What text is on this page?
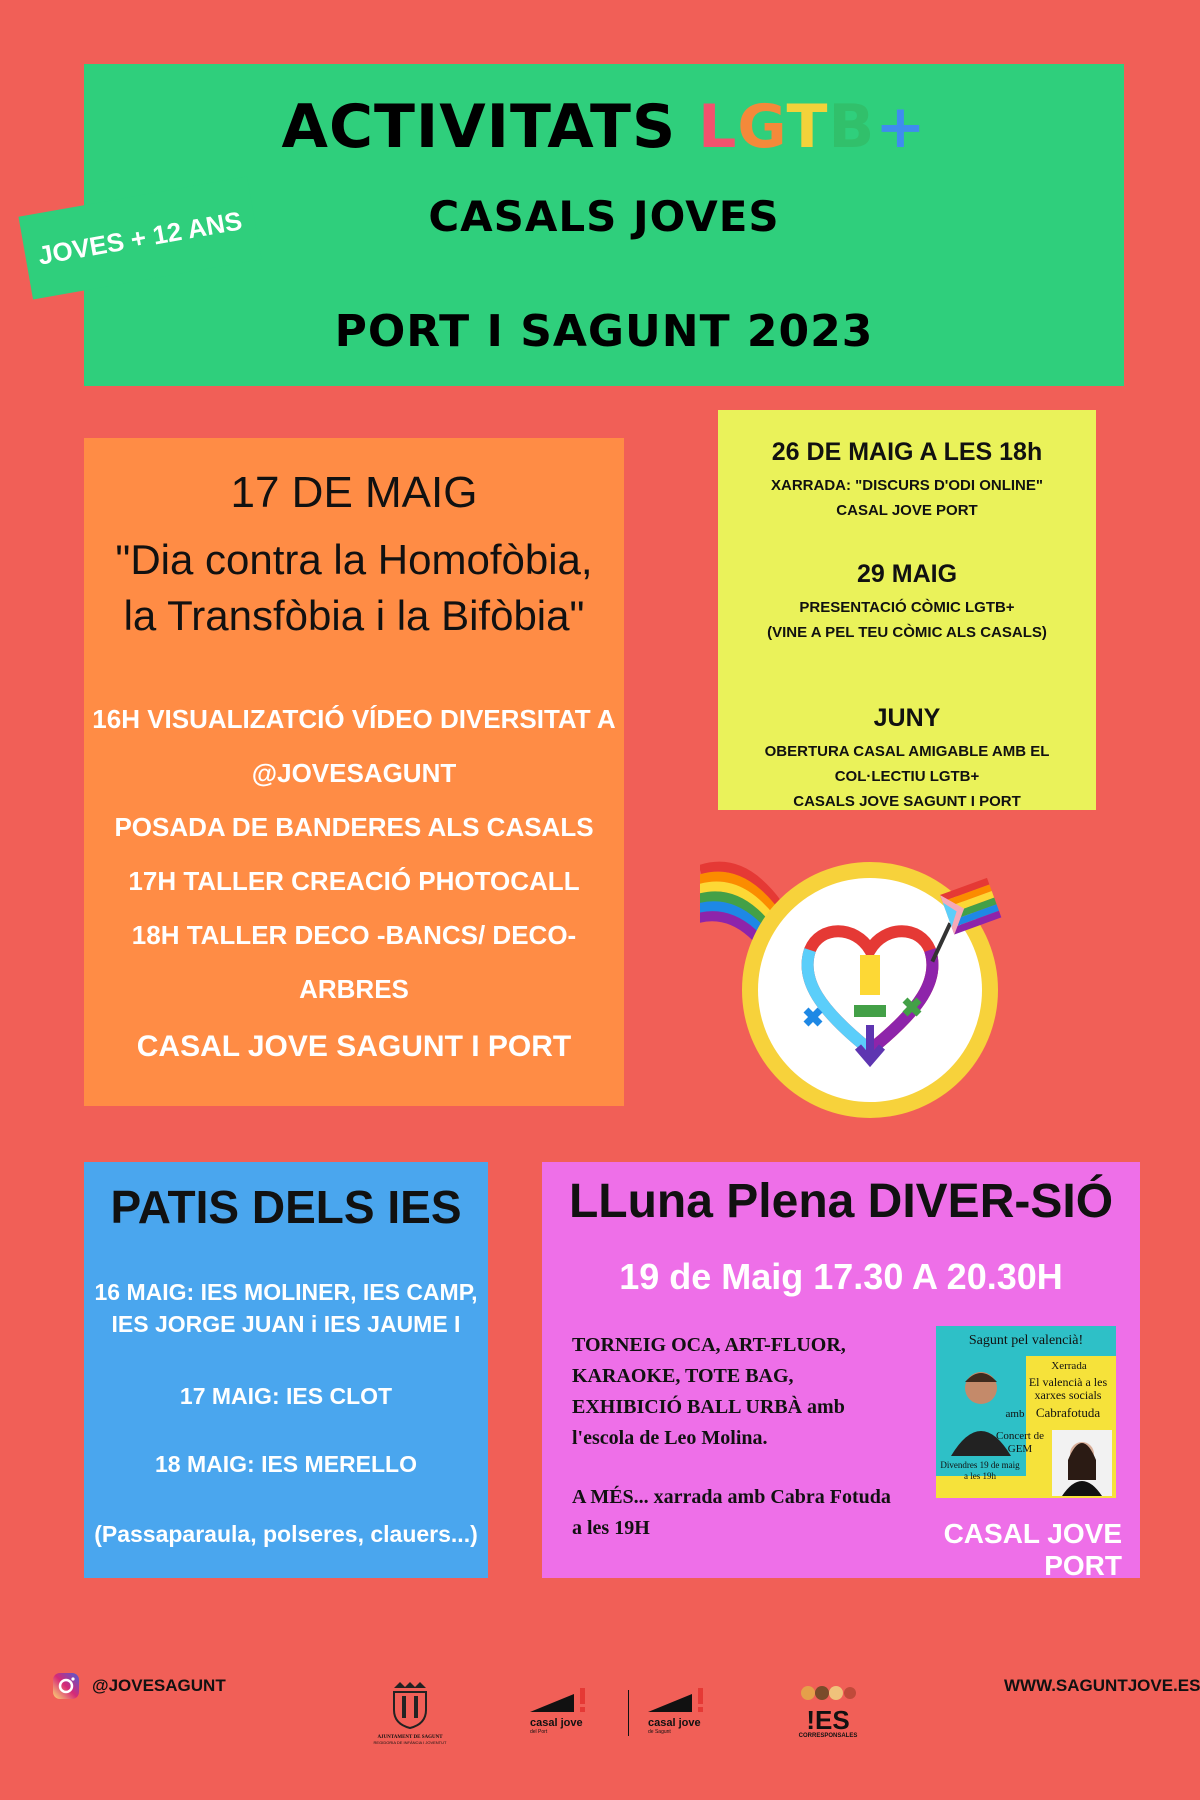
ACTIVITATS LGTB+
CASALS JOVES
PORT I SAGUNT 2023
JOVES + 12 ANS
17 DE MAIG
"Dia contra la Homofòbia, la Transfòbia i la Bifòbia"
16H VISUALIZATCIÓ VÍDEO DIVERSITAT A
@JOVESAGUNT
POSADA DE BANDERES ALS CASALS
17H TALLER CREACIÓ PHOTOCALL
18H TALLER DECO -BANCS/ DECO-ARBRES
CASAL JOVE SAGUNT I PORT
26 DE MAIG A LES 18h
XARRADA: "DISCURS D'ODI ONLINE"
CASAL JOVE PORT
29 MAIG
PRESENTACIÓ CÒMIC LGTB+
(VINE A PEL TEU CÒMIC ALS CASALS)
JUNY
OBERTURA CASAL AMIGABLE AMB EL COL·LECTIU LGTB+
CASALS JOVE SAGUNT I PORT
PATIS DELS IES
16 MAIG: IES MOLINER, IES CAMP, IES JORGE JUAN i IES JAUME I
17 MAIG: IES CLOT
18 MAIG: IES MERELLO
(Passaparaula, polseres, clauers...)
LLuna Plena DIVER-SIÓ
19 de Maig 17.30 A 20.30H
TORNEIG OCA, ART-FLUOR, KARAOKE, TOTE BAG, EXHIBICIÓ BALL URBÀ amb l'escola de Leo Molina.
A MÉS... xarrada amb Cabra Fotuda a les 19H
Sagunt pel valencià!
Xerrada
El valencià a les xarxes socials
amb Cabrafotuda
Concert de GEM
Divendres 19 de maig a les 19h
CASAL JOVE PORT
@JOVESAGUNT
AJUNTAMENT DE SAGUNT
REGIDORIA DE INFÀNCIA I JOVENTUT
casal jove
del Port
casal jove
de Sagunt	!ES
CORRESPONSALES
WWW.SAGUNTJOVE.ES
